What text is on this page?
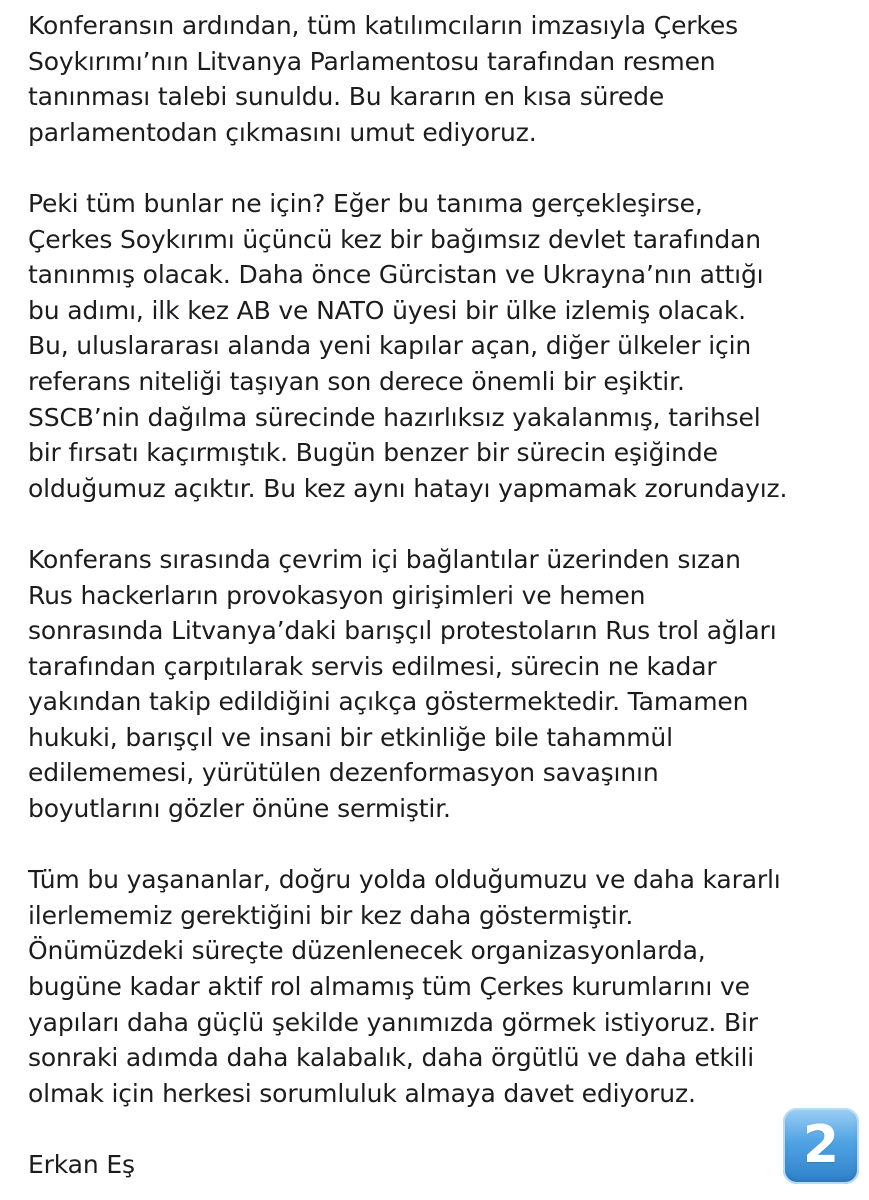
Konferansın ardından, tüm katılımcıların imzasıyla Çerkes
Soykırımı’nın Litvanya Parlamentosu tarafından resmen
tanınması talebi sunuldu. Bu kararın en kısa sürede
parlamentodan çıkmasını umut ediyoruz.
Peki tüm bunlar ne için? Eğer bu tanıma gerçekleşirse,
Çerkes Soykırımı üçüncü kez bir bağımsız devlet tarafından
tanınmış olacak. Daha önce Gürcistan ve Ukrayna’nın attığı
bu adımı, ilk kez AB ve NATO üyesi bir ülke izlemiş olacak.
Bu, uluslararası alanda yeni kapılar açan, diğer ülkeler için
referans niteliği taşıyan son derece önemli bir eşiktir.
SSCB’nin dağılma sürecinde hazırlıksız yakalanmış, tarihsel
bir fırsatı kaçırmıştık. Bugün benzer bir sürecin eşiğinde
olduğumuz açıktır. Bu kez aynı hatayı yapmamak zorundayız.
Konferans sırasında çevrim içi bağlantılar üzerinden sızan
Rus hackerların provokasyon girişimleri ve hemen
sonrasında Litvanya’daki barışçıl protestoların Rus trol ağları
tarafından çarpıtılarak servis edilmesi, sürecin ne kadar
yakından takip edildiğini açıkça göstermektedir. Tamamen
hukuki, barışçıl ve insani bir etkinliğe bile tahammül
edilememesi, yürütülen dezenformasyon savaşının
boyutlarını gözler önüne sermiştir.
Tüm bu yaşananlar, doğru yolda olduğumuzu ve daha kararlı
ilerlememiz gerektiğini bir kez daha göstermiştir.
Önümüzdeki süreçte düzenlenecek organizasyonlarda,
bugüne kadar aktif rol almamış tüm Çerkes kurumlarını ve
yapıları daha güçlü şekilde yanımızda görmek istiyoruz. Bir
sonraki adımda daha kalabalık, daha örgütlü ve daha etkili
olmak için herkesi sorumluluk almaya davet ediyoruz.
Erkan Eş	2
